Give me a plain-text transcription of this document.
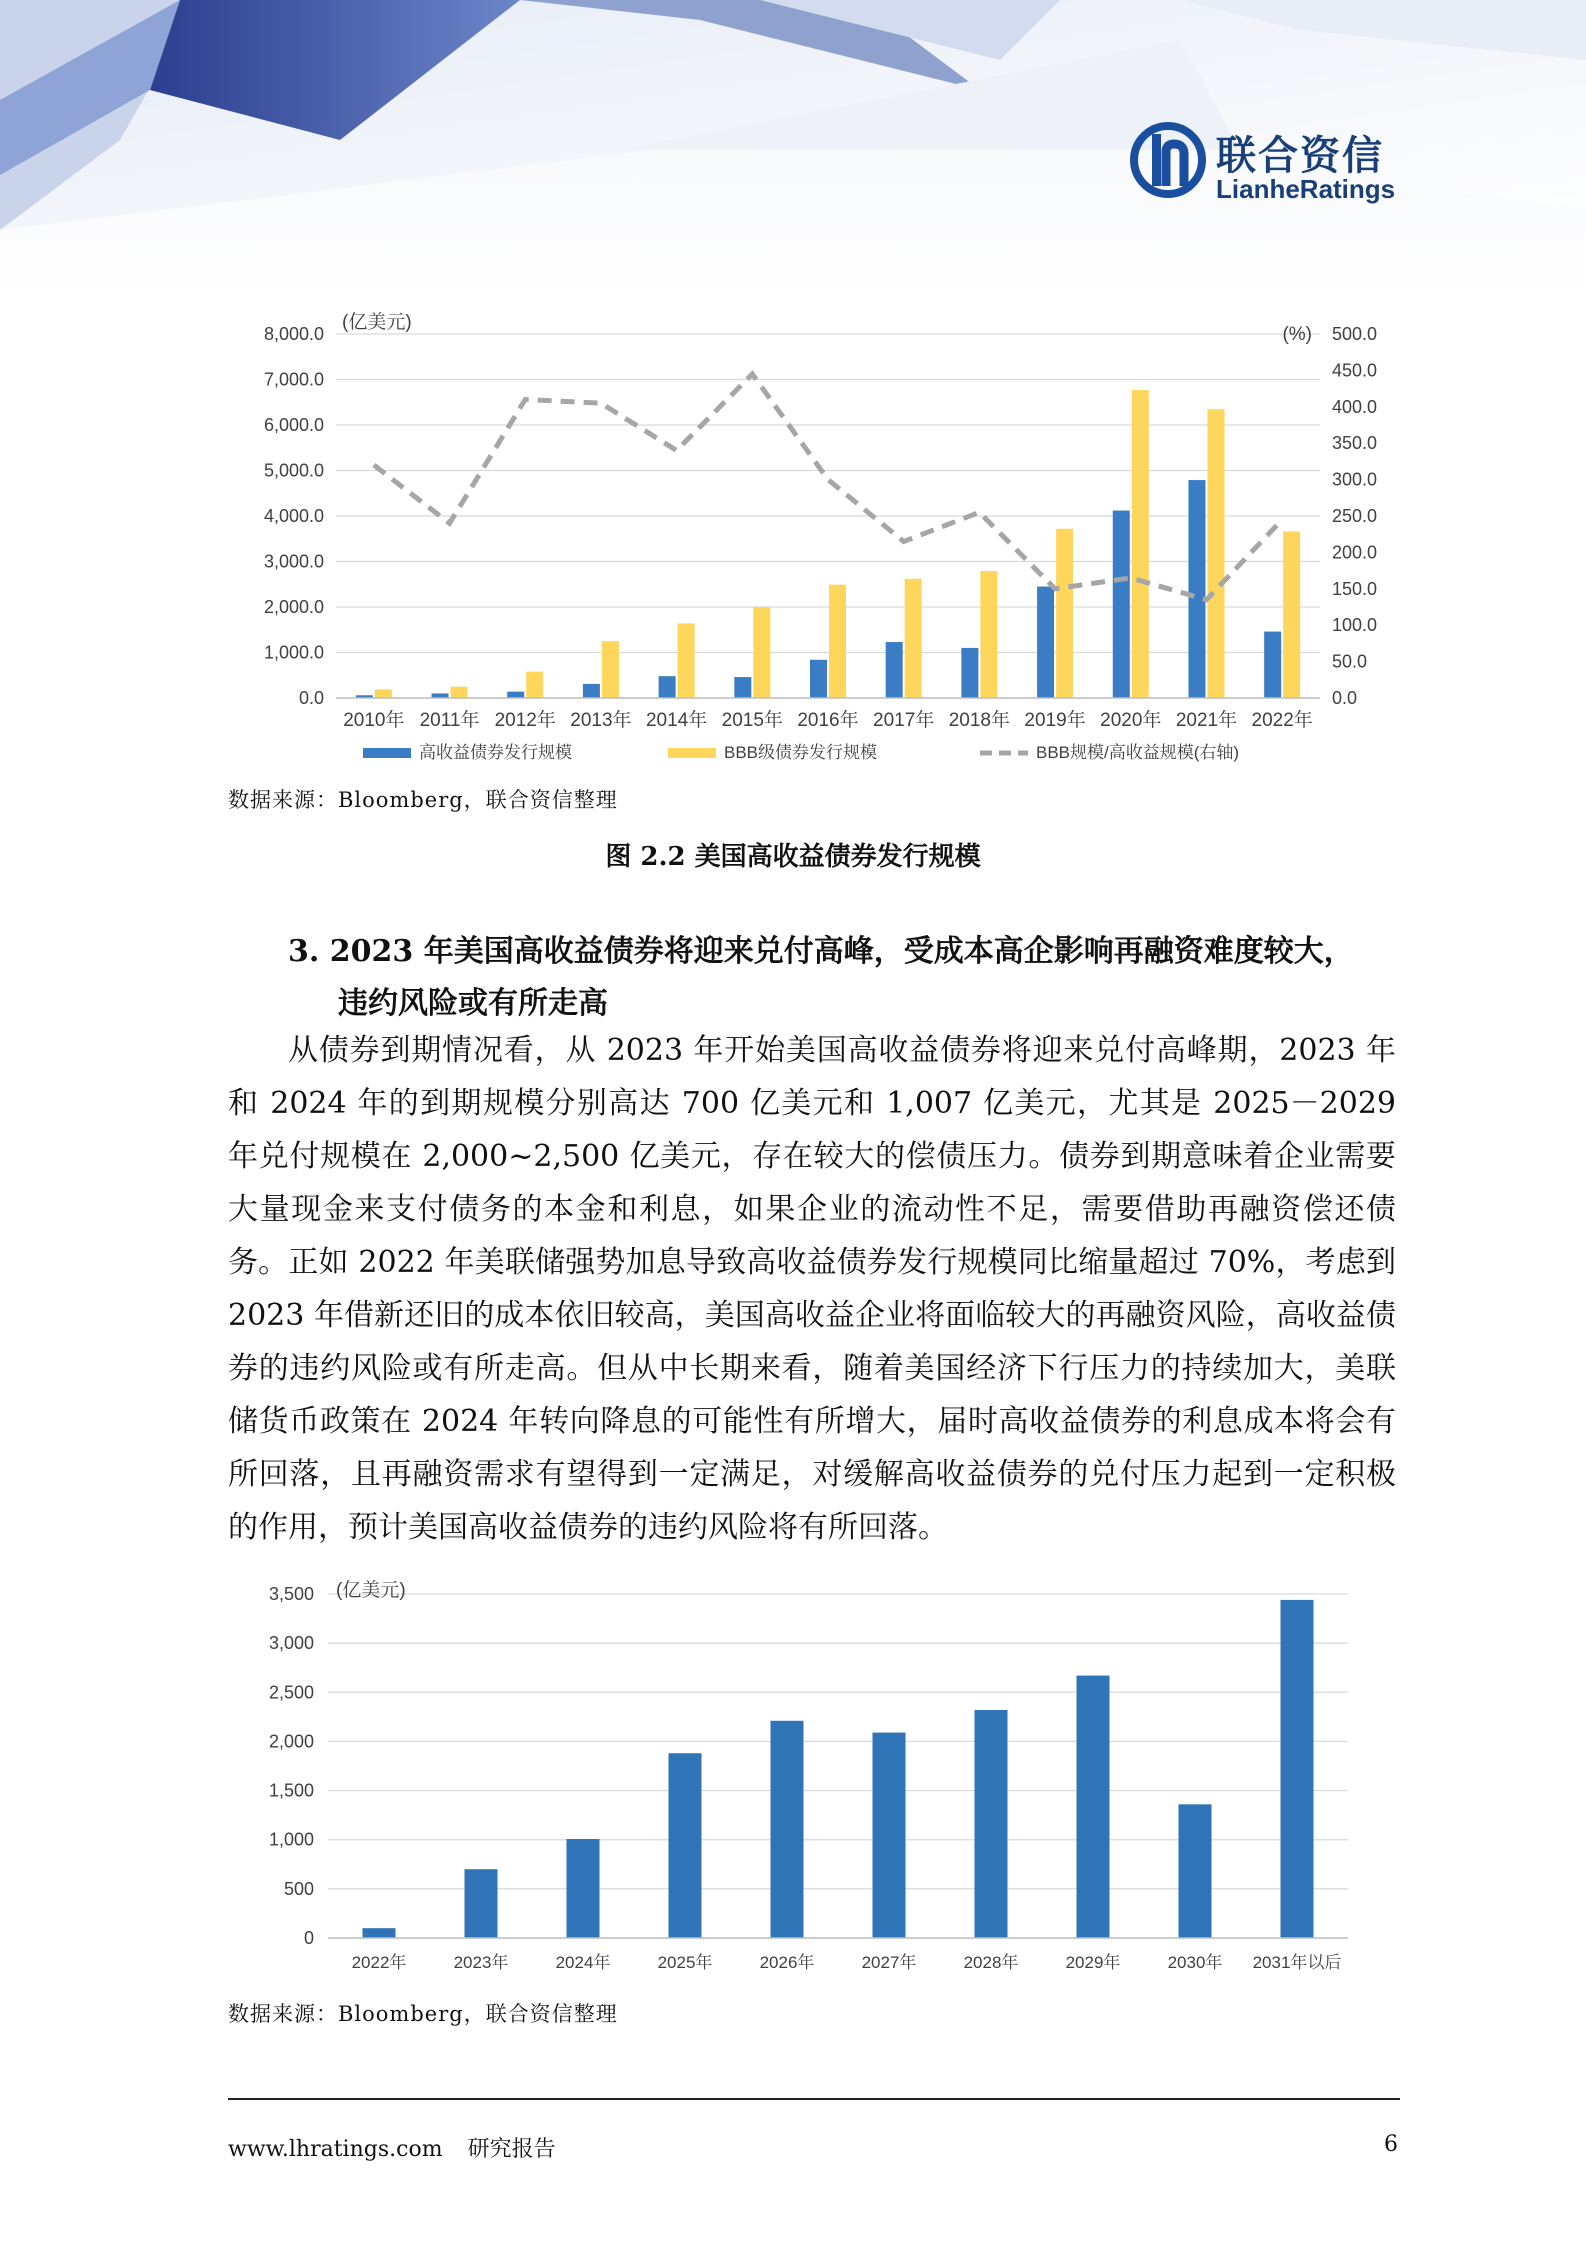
联合资信
LianheRatings
8,000.0
7,000.0
6,000.0
5,000.0
4,000.0
3,000.0
2,000.0
1,000.0
0.0
500.0
450.0
400.0
350.0
300.0
250.0
200.0
150.0
100.0
50.0
0.0
(亿美元)
(%)
2010年 2011年 2012年 2013年 2014年 2015年 2016年 2017年 2018年 2019年 2020年 2021年 2022年
高收益债券发行规模	BBB级债券发行规模	BBB规模/高收益规模(右轴)
数据来源：Bloomberg，联合资信整理
图 2.2 美国高收益债券发行规模
3. 2023 年美国高收益债券将迎来兑付高峰，受成本高企影响再融资难度较大，
违约风险或有所走高

从债券到期情况看，从 2023 年开始美国高收益债券将迎来兑付高峰期，2023 年和 2024 年的到期规模分别高达 700 亿美元和 1,007 亿美元，尤其是 2025－2029 年兑付规模在 2,000~2,500 亿美元，存在较大的偿债压力。债券到期意味着企业需要大量现金来支付债务的本金和利息，如果企业的流动性不足，需要借助再融资偿还债务。正如 2022 年美联储强势加息导致高收益债券发行规模同比缩量超过 70%，考虑到 2023 年借新还旧的成本依旧较高，美国高收益企业将面临较大的再融资风险，高收益债券的违约风险或有所走高。但从中长期来看，随着美国经济下行压力的持续加大，美联储货币政策在 2024 年转向降息的可能性有所增大，届时高收益债券的利息成本将会有所回落，且再融资需求有望得到一定满足，对缓解高收益债券的兑付压力起到一定积极的作用，预计美国高收益债券的违约风险将有所回落。

3,500
3,000
2,500
2,000
1,500
1,000
500
0
(亿美元)
2022年	2023年	2024年	2025年	2026年	2027年	2028年	2029年	2030年 2031年以后
数据来源：Bloomberg，联合资信整理
www.lhratings.com 研究报告	6
